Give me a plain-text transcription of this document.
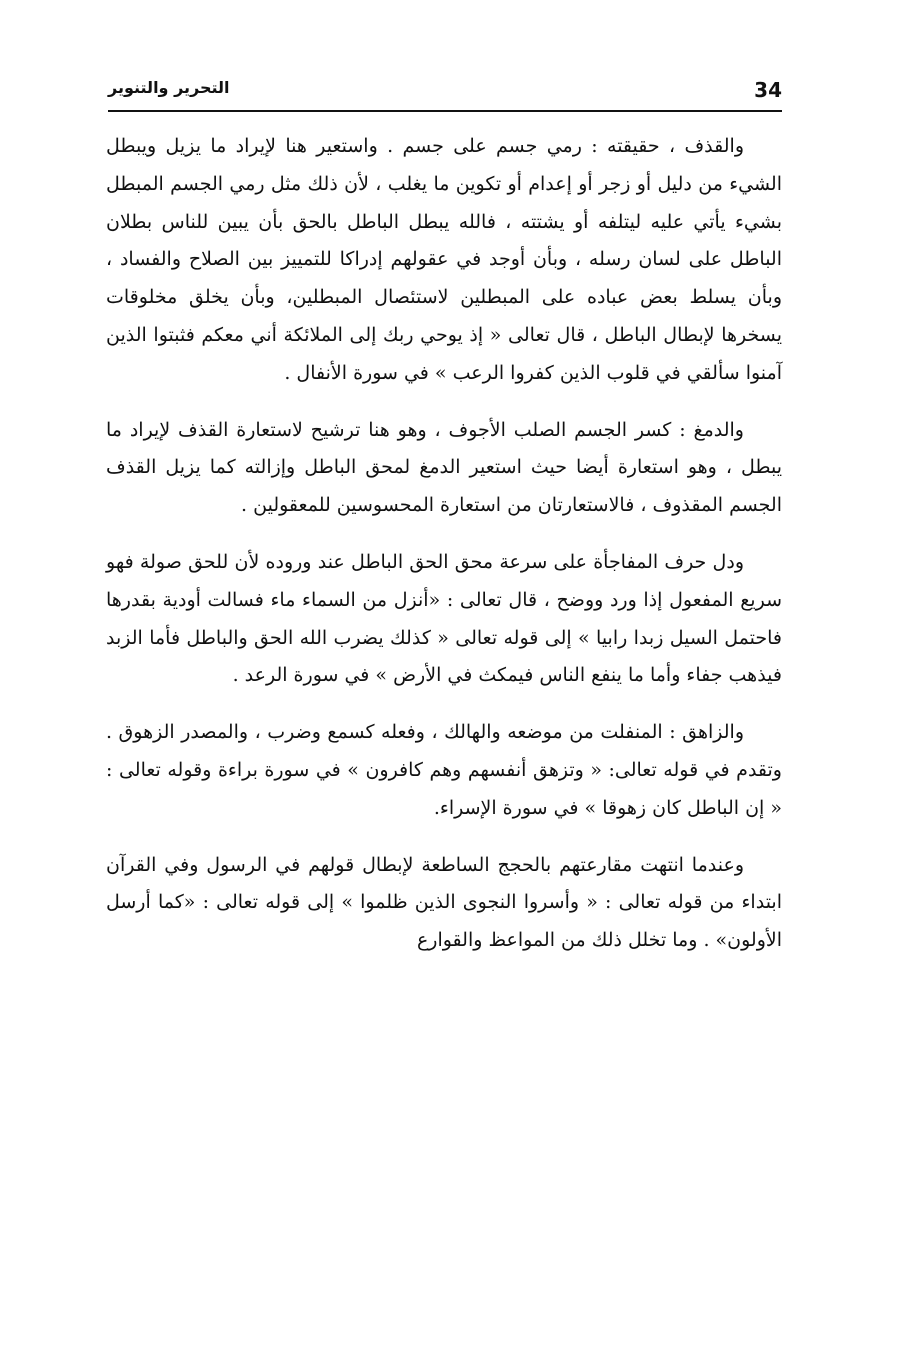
34
التحرير والتنوير

والقذف ، حقيقته : رمي جسم على جسم . واستعير هنا لإيراد ما يزيل ويبطل الشيء من دليل أو زجر أو إعدام أو تكوين ما يغلب ، لأن ذلك مثل رمي الجسم المبطل بشيء يأتي عليه ليتلفه أو يشتته ، فالله يبطل الباطل بالحق بأن يبين للناس بطلان الباطل على لسان رسله ، وبأن أوجد في عقولهم إدراكا للتمييز بين الصلاح والفساد ، وبأن يسلط بعض عباده على المبطلين لاستئصال المبطلين، وبأن يخلق مخلوقات يسخرها لإبطال الباطل ، قال تعالى « إذ يوحي ربك إلى الملائكة أني معكم فثبتوا الذين آمنوا سألقي في قلوب الذين كفروا الرعب » في سورة الأنفال .

والدمغ : كسر الجسم الصلب الأجوف ، وهو هنا ترشيح لاستعارة القذف لإيراد ما يبطل ، وهو استعارة أيضا حيث استعير الدمغ لمحق الباطل وإزالته كما يزيل القذف الجسم المقذوف ، فالاستعارتان من استعارة المحسوسين للمعقولين .

ودل حرف المفاجأة على سرعة محق الحق الباطل عند وروده لأن للحق صولة فهو سريع المفعول إذا ورد ووضح ، قال تعالى : «أنزل من السماء ماء فسالت أودية بقدرها فاحتمل السيل زبدا رابيا » إلى قوله تعالى « كذلك يضرب الله الحق والباطل فأما الزبد فيذهب جفاء وأما ما ينفع الناس فيمكث في الأرض » في سورة الرعد .

والزاهق : المنفلت من موضعه والهالك ، وفعله كسمع وضرب ، والمصدر الزهوق . وتقدم في قوله تعالى: « وتزهق أنفسهم وهم كافرون » في سورة براءة وقوله تعالى : « إن الباطل كان زهوقا » في سورة الإسراء.

وعندما انتهت مقارعتهم بالحجج الساطعة لإبطال قولهم في الرسول وفي القرآن ابتداء من قوله تعالى : « وأسروا النجوى الذين ظلموا » إلى قوله تعالى : «كما أرسل الأولون» . وما تخلل ذلك من المواعظ والقوارع
